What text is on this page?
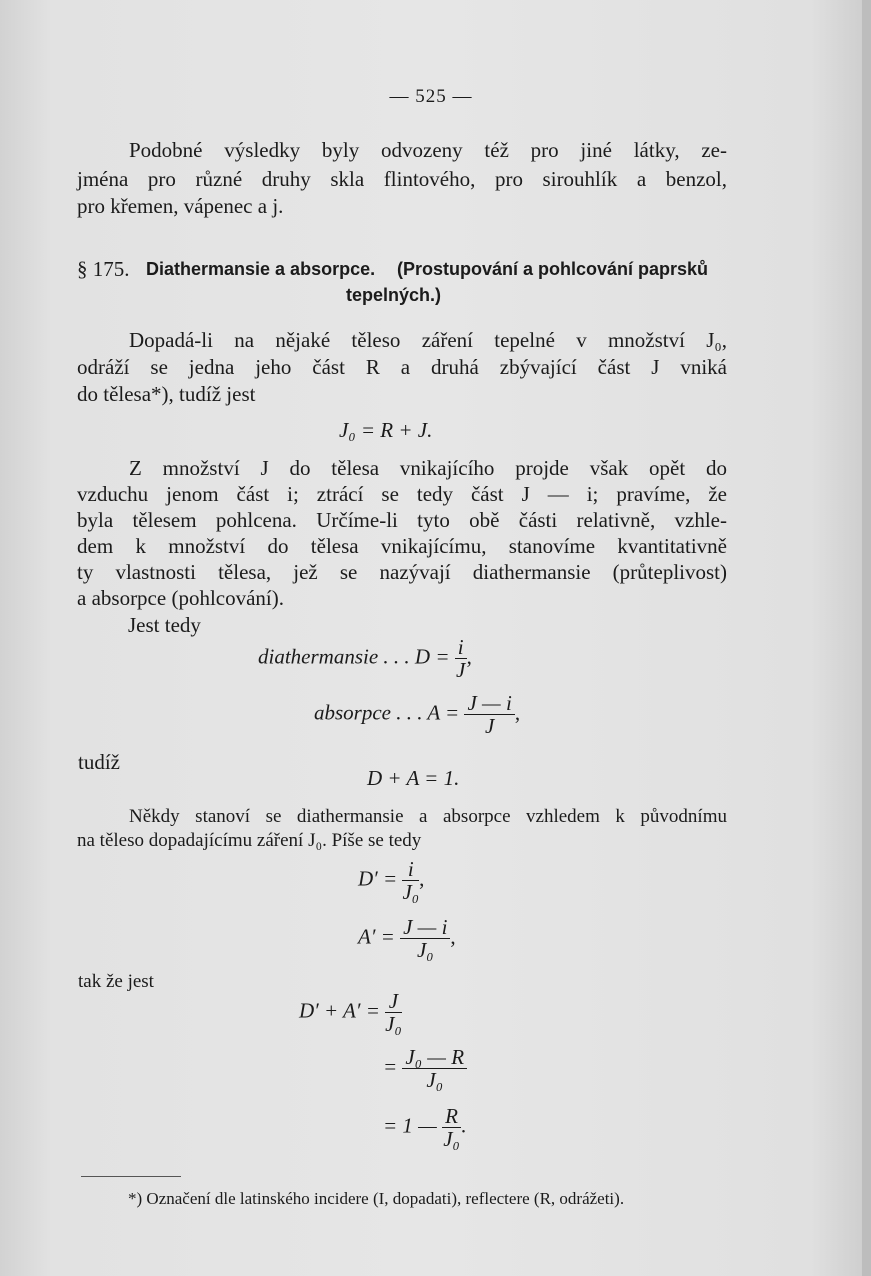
— 525 —
Podobné výsledky byly odvozeny též pro jiné látky, ze-
jména pro různé druhy skla flintového, pro sirouhlík a benzol,
pro křemen, vápenec a j.
§ 175. Diathermansie a absorpce. (Prostupování a pohlcování paprsků
tepelných.)
Dopadá-li na nějaké těleso záření tepelné v množství J₀,
odráží se jedna jeho část R a druhá zbývající část J vniká
do tělesa*), tudíž jest
J₀ = R + J.
Z množství J do tělesa vnikajícího projde však opět do
vzduchu jenom část i; ztrácí se tedy část J — i; pravíme, že
byla tělesem pohlcena. Určíme-li tyto obě části relativně, vzhle-
dem k množství do tělesa vnikajícímu, stanovíme kvantitativně
ty vlastnosti tělesa, jež se nazývají diathermansie (průteplivost)
a absorpce (pohlcování).
Jest tedy
diathermansie . . . $D = \frac{i}{J}$ ,
absorpce . . . $A = \frac{J — i}{J}$ ,
tudíž
D + A = 1.
Někdy stanoví se diathermansie a absorpce vzhledem k původnímu
na těleso dopadajícímu záření J₀. Píše se tedy
$D' = \frac{i}{\text{J₀}}$ ,
$A' = \frac{J — i}{\text{J₀}}$ ,
tak že jest
$D' + A' = \frac{J}{\text{J₀}}$
= $\frac{\text{J₀ — R}}{\text{J₀}}$
= 1 — $\frac{R}{\text{J₀}}$ .
*) Označení dle latinského incidere (I, dopadati), reflectere (R, odrážeti).
